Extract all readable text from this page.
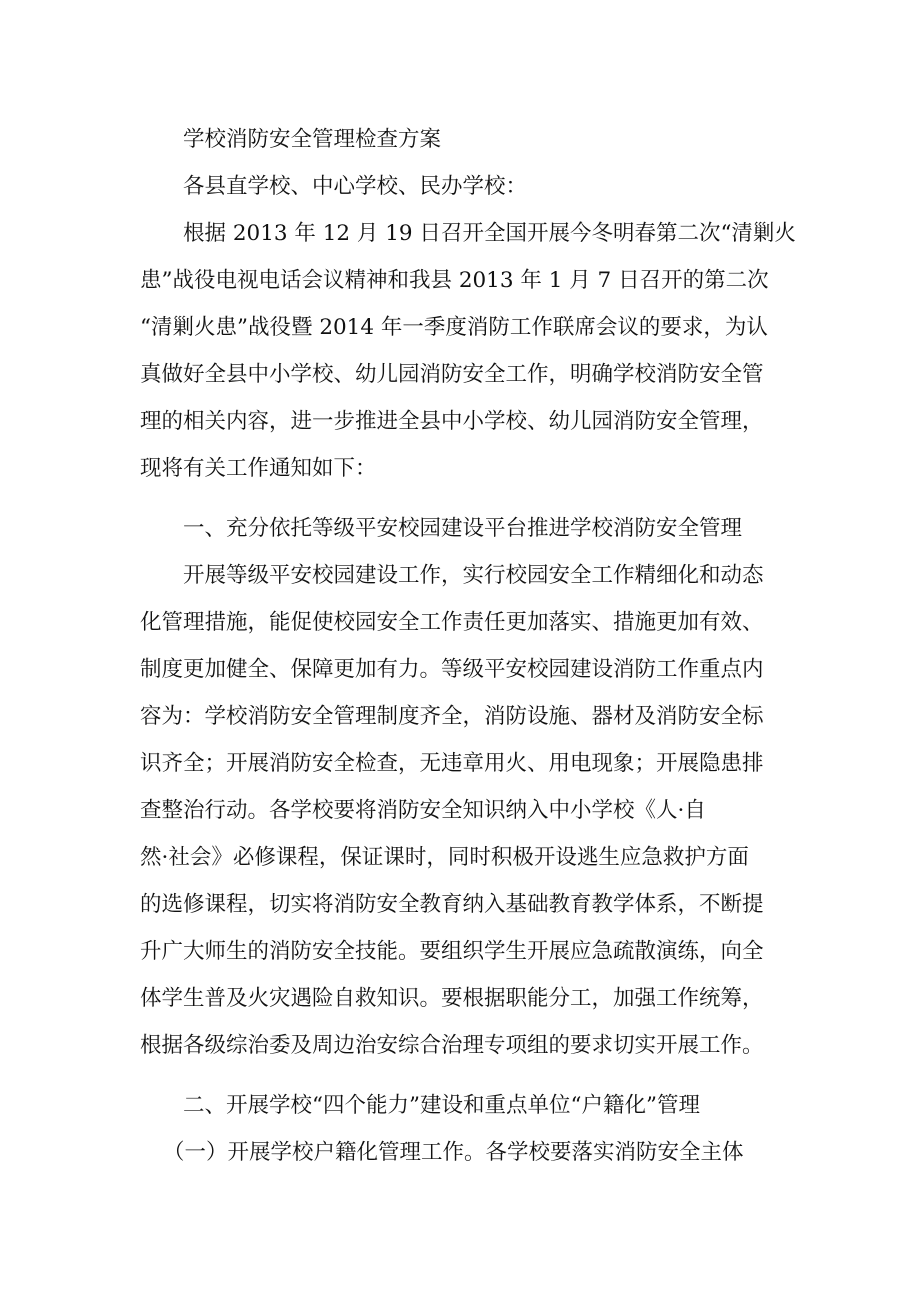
学校消防安全管理检查方案
各县直学校、中心学校、民办学校：
根据 2013 年 12 月 19 日召开全国开展今冬明春第二次“清剿火
患”战役电视电话会议精神和我县 2013 年 1 月 7 日召开的第二次
“清剿火患”战役暨 2014 年一季度消防工作联席会议的要求，为认
真做好全县中小学校、幼儿园消防安全工作，明确学校消防安全管
理的相关内容，进一步推进全县中小学校、幼儿园消防安全管理，
现将有关工作通知如下：
一、充分依托等级平安校园建设平台推进学校消防安全管理
开展等级平安校园建设工作，实行校园安全工作精细化和动态
化管理措施，能促使校园安全工作责任更加落实、措施更加有效、
制度更加健全、保障更加有力。等级平安校园建设消防工作重点内
容为：学校消防安全管理制度齐全，消防设施、器材及消防安全标
识齐全；开展消防安全检查，无违章用火、用电现象；开展隐患排
查整治行动。各学校要将消防安全知识纳入中小学校《人·自
然·社会》必修课程，保证课时，同时积极开设逃生应急救护方面
的选修课程，切实将消防安全教育纳入基础教育教学体系，不断提
升广大师生的消防安全技能。要组织学生开展应急疏散演练，向全
体学生普及火灾遇险自救知识。要根据职能分工，加强工作统筹，
根据各级综治委及周边治安综合治理专项组的要求切实开展工作。
二、开展学校“四个能力”建设和重点单位“户籍化”管理
（一）开展学校户籍化管理工作。各学校要落实消防安全主体
